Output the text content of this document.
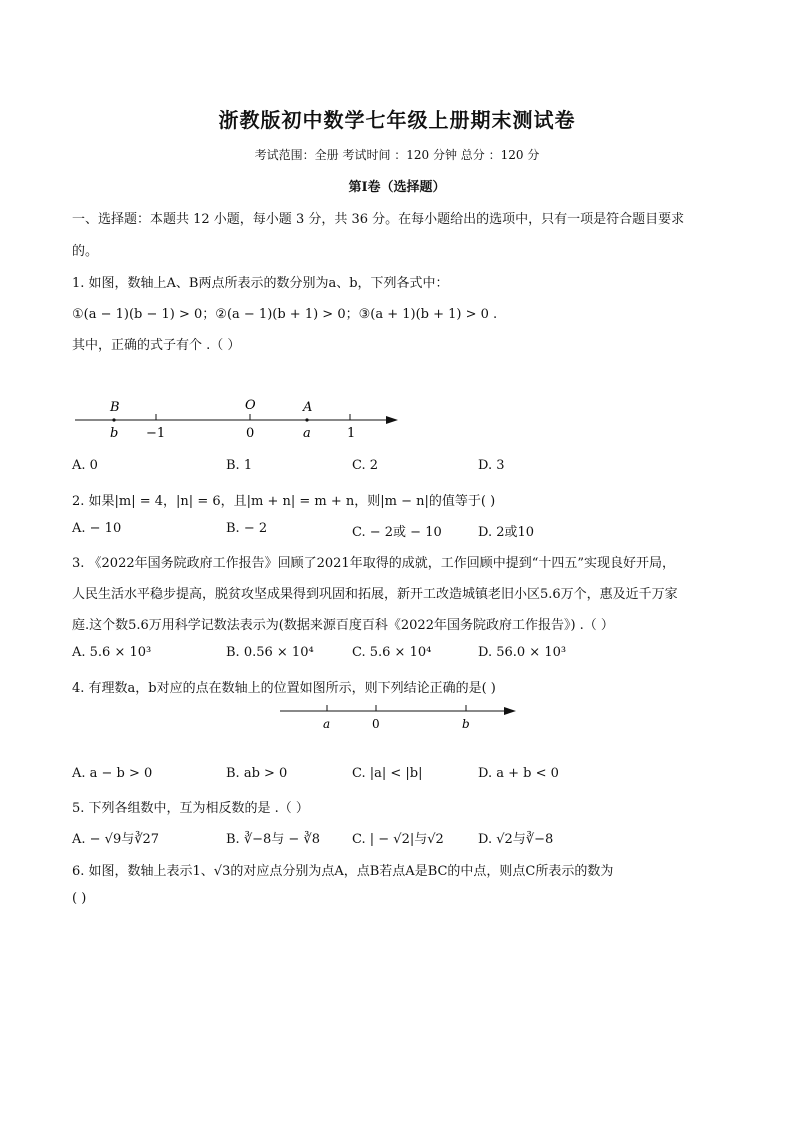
浙教版初中数学七年级上册期末测试卷
考试范围：全册 考试时间 ：120 分钟 总分 ：120 分
第Ⅰ卷（选择题）
一、选择题：本题共 12 小题，每小题 3 分，共 36 分。在每小题给出的选项中，只有一项是符合题目要求
的。
1. 如图，数轴上A、B两点所表示的数分别为a、b，下列各式中：
①(a − 1)(b − 1) > 0；②(a − 1)(b + 1) > 0；③(a + 1)(b + 1) > 0 .
其中，正确的式子有个 .（ ）
B	O	A
b −1	0	a	1
A. 0	B. 1	C. 2	D. 3
2. 如果|m| = 4，|n| = 6，且|m + n| = m + n，则|m − n|的值等于( )
A. − 10	B. − 2	C. − 2或 − 10	D. 2或10
3. 《2022年国务院政府工作报告》回顾了2021年取得的成就，工作回顾中提到“十四五”实现良好开局，
人民生活水平稳步提高，脱贫攻坚成果得到巩固和拓展，新开工改造城镇老旧小区5.6万个，惠及近千万家
庭.这个数5.6万用科学记数法表示为(数据来源百度百科《2022年国务院政府工作报告》) .（ ）
A. 5.6 × 10³	B. 0.56 × 10⁴	C. 5.6 × 10⁴	D. 56.0 × 10³
4. 有理数a，b对应的点在数轴上的位置如图所示，则下列结论正确的是( )
a	0	b
A. a − b > 0	B. ab > 0	C. |a| < |b|	D. a + b < 0
5. 下列各组数中，互为相反数的是 .（ ）
A. − √9与∛27	B. ∛−8与 − ∛8 C. | − √2|与√2	D. √2与∛−8
6. 如图，数轴上表示1、√3的对应点分别为点A，点B若点A是BC的中点，则点C所表示的数为
( )
